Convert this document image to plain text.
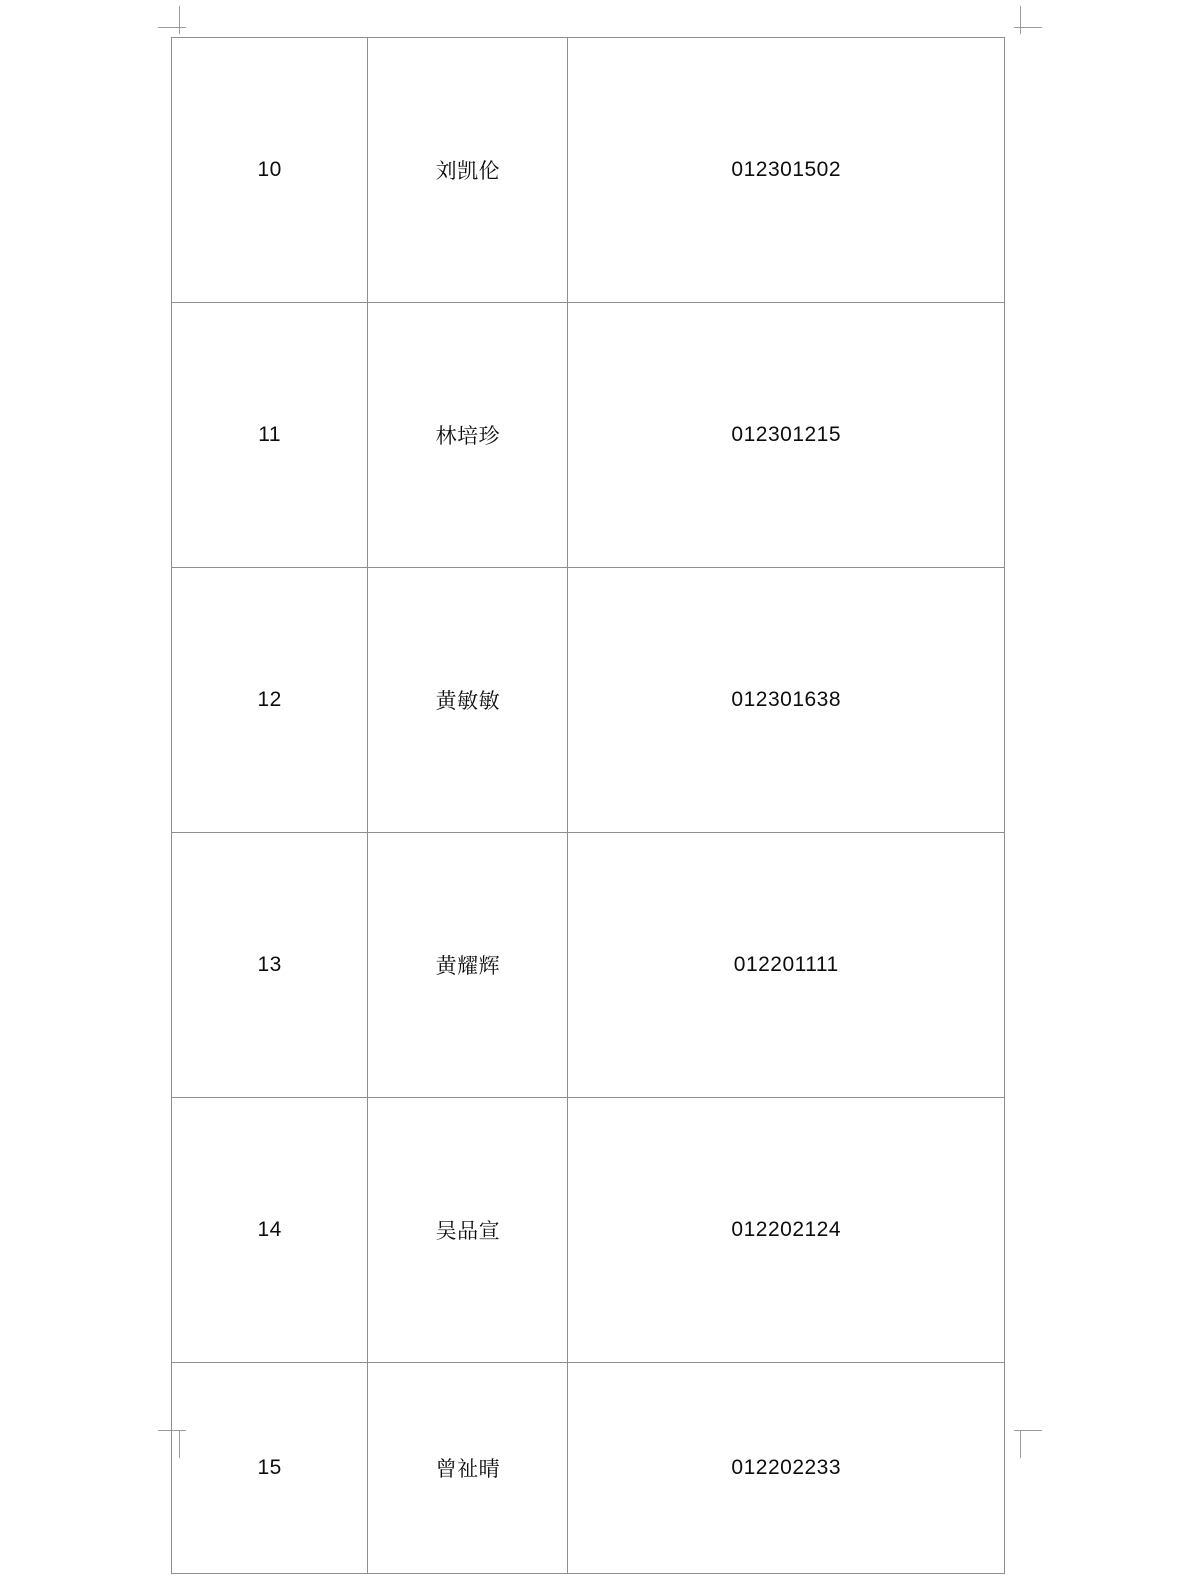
10	刘凯伦	012301502
11	林培珍	012301215
12	黄敏敏	012301638
13	黄耀辉	012201111
14	吴品宣	012202124
15	曾祉晴	012202233
